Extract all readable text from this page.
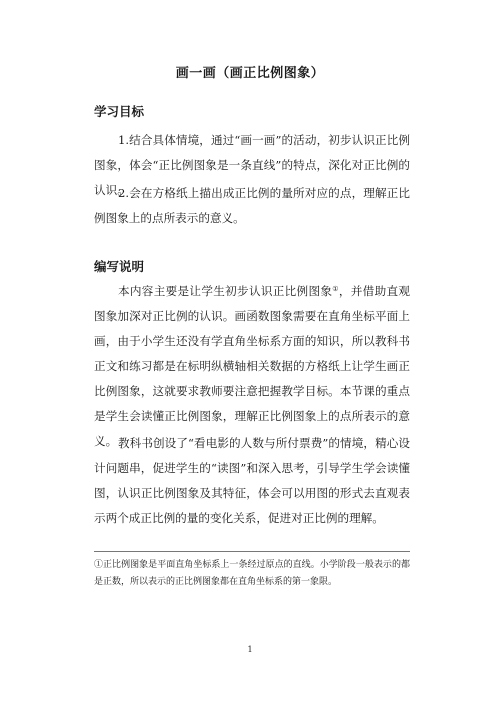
画一画（画正比例图象）
学习目标

1.结合具体情境，通过“画一画”的活动，初步认识正比例图象，体会“正比例图象是一条直线”的特点，深化对正比例的认识。

2.会在方格纸上描出成正比例的量所对应的点，理解正比例图象上的点所表示的意义。

编写说明

本内容主要是让学生初步认识正比例图象①，并借助直观图象加深对正比例的认识。画函数图象需要在直角坐标平面上画，由于小学生还没有学直角坐标系方面的知识，所以教科书正文和练习都是在标明纵横轴相关数据的方格纸上让学生画正比例图象，这就要求教师要注意把握教学目标。本节课的重点是学生会读懂正比例图象，理解正比例图象上的点所表示的意义。 教科书创设了“看电影的人数与所付票费”的情境，精心设计问题串，促进学生的“读图”和深入思考，引导学生学会读懂图，认识正比例图象及其特征，体会可以用图的形式去直观表示两个成正比例的量的变化关系，促进对正比例的理解。

①正比例图象是平面直角坐标系上一条经过原点的直线。小学阶段一般表示的都是正数，所以表示的正比例图象都在直角坐标系的第一象限。

1
